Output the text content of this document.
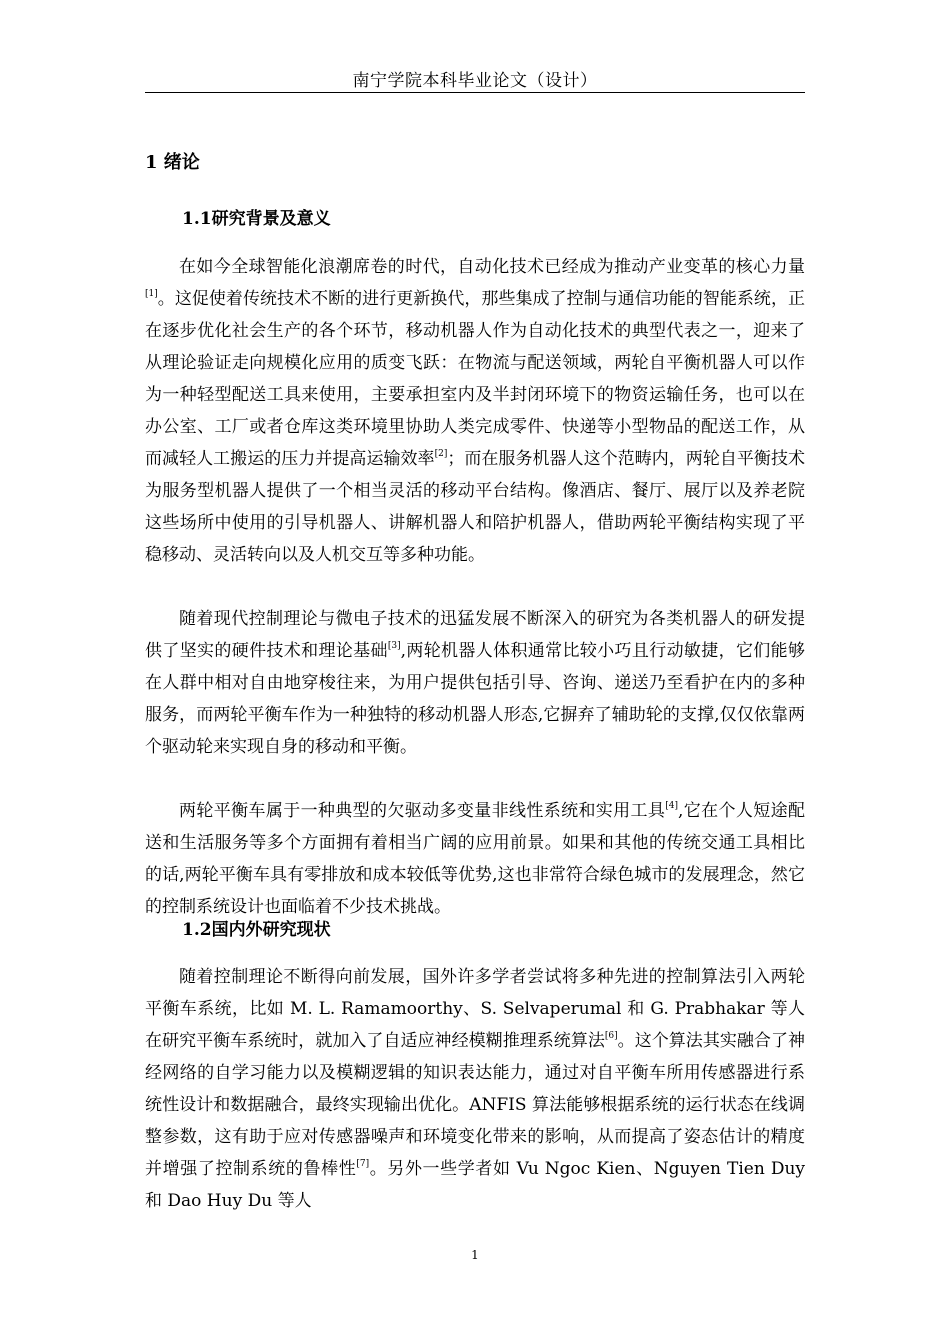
南宁学院本科毕业论文（设计）
1 绪论
1.1研究背景及意义

在如今全球智能化浪潮席卷的时代，自动化技术已经成为推动产业变革的核心力量[1]。这促使着传统技术不断的进行更新换代，那些集成了控制与通信功能的智能系统，正在逐步优化社会生产的各个环节，移动机器人作为自动化技术的典型代表之一，迎来了从理论验证走向规模化应用的质变飞跃：在物流与配送领域，两轮自平衡机器人可以作为一种轻型配送工具来使用，主要承担室内及半封闭环境下的物资运输任务，也可以在办公室、工厂或者仓库这类环境里协助人类完成零件、快递等小型物品的配送工作，从而减轻人工搬运的压力并提高运输效率[2]；而在服务机器人这个范畴内，两轮自平衡技术为服务型机器人提供了一个相当灵活的移动平台结构。像酒店、餐厅、展厅以及养老院这些场所中使用的引导机器人、讲解机器人和陪护机器人，借助两轮平衡结构实现了平稳移动、灵活转向以及人机交互等多种功能。

随着现代控制理论与微电子技术的迅猛发展不断深入的研究为各类机器人的研发提供了坚实的硬件技术和理论基础[3],两轮机器人体积通常比较小巧且行动敏捷，它们能够在人群中相对自由地穿梭往来，为用户提供包括引导、咨询、递送乃至看护在内的多种服务，而两轮平衡车作为一种独特的移动机器人形态,它摒弃了辅助轮的支撑,仅仅依靠两个驱动轮来实现自身的移动和平衡。

两轮平衡车属于一种典型的欠驱动多变量非线性系统和实用工具[4],它在个人短途配送和生活服务等多个方面拥有着相当广阔的应用前景。如果和其他的传统交通工具相比的话,两轮平衡车具有零排放和成本较低等优势,这也非常符合绿色城市的发展理念，然它的控制系统设计也面临着不少技术挑战。

1.2国内外研究现状

随着控制理论不断得向前发展，国外许多学者尝试将多种先进的控制算法引入两轮平衡车系统，比如 M. L. Ramamoorthy、S. Selvaperumal 和 G. Prabhakar 等人在研究平衡车系统时，就加入了自适应神经模糊推理系统算法[6]。这个算法其实融合了神经网络的自学习能力以及模糊逻辑的知识表达能力，通过对自平衡车所用传感器进行系统性设计和数据融合，最终实现输出优化。ANFIS 算法能够根据系统的运行状态在线调整参数，这有助于应对传感器噪声和环境变化带来的影响，从而提高了姿态估计的精度并增强了控制系统的鲁棒性[7]。另外一些学者如 Vu Ngoc Kien、Nguyen Tien Duy 和 Dao Huy Du 等人

1
